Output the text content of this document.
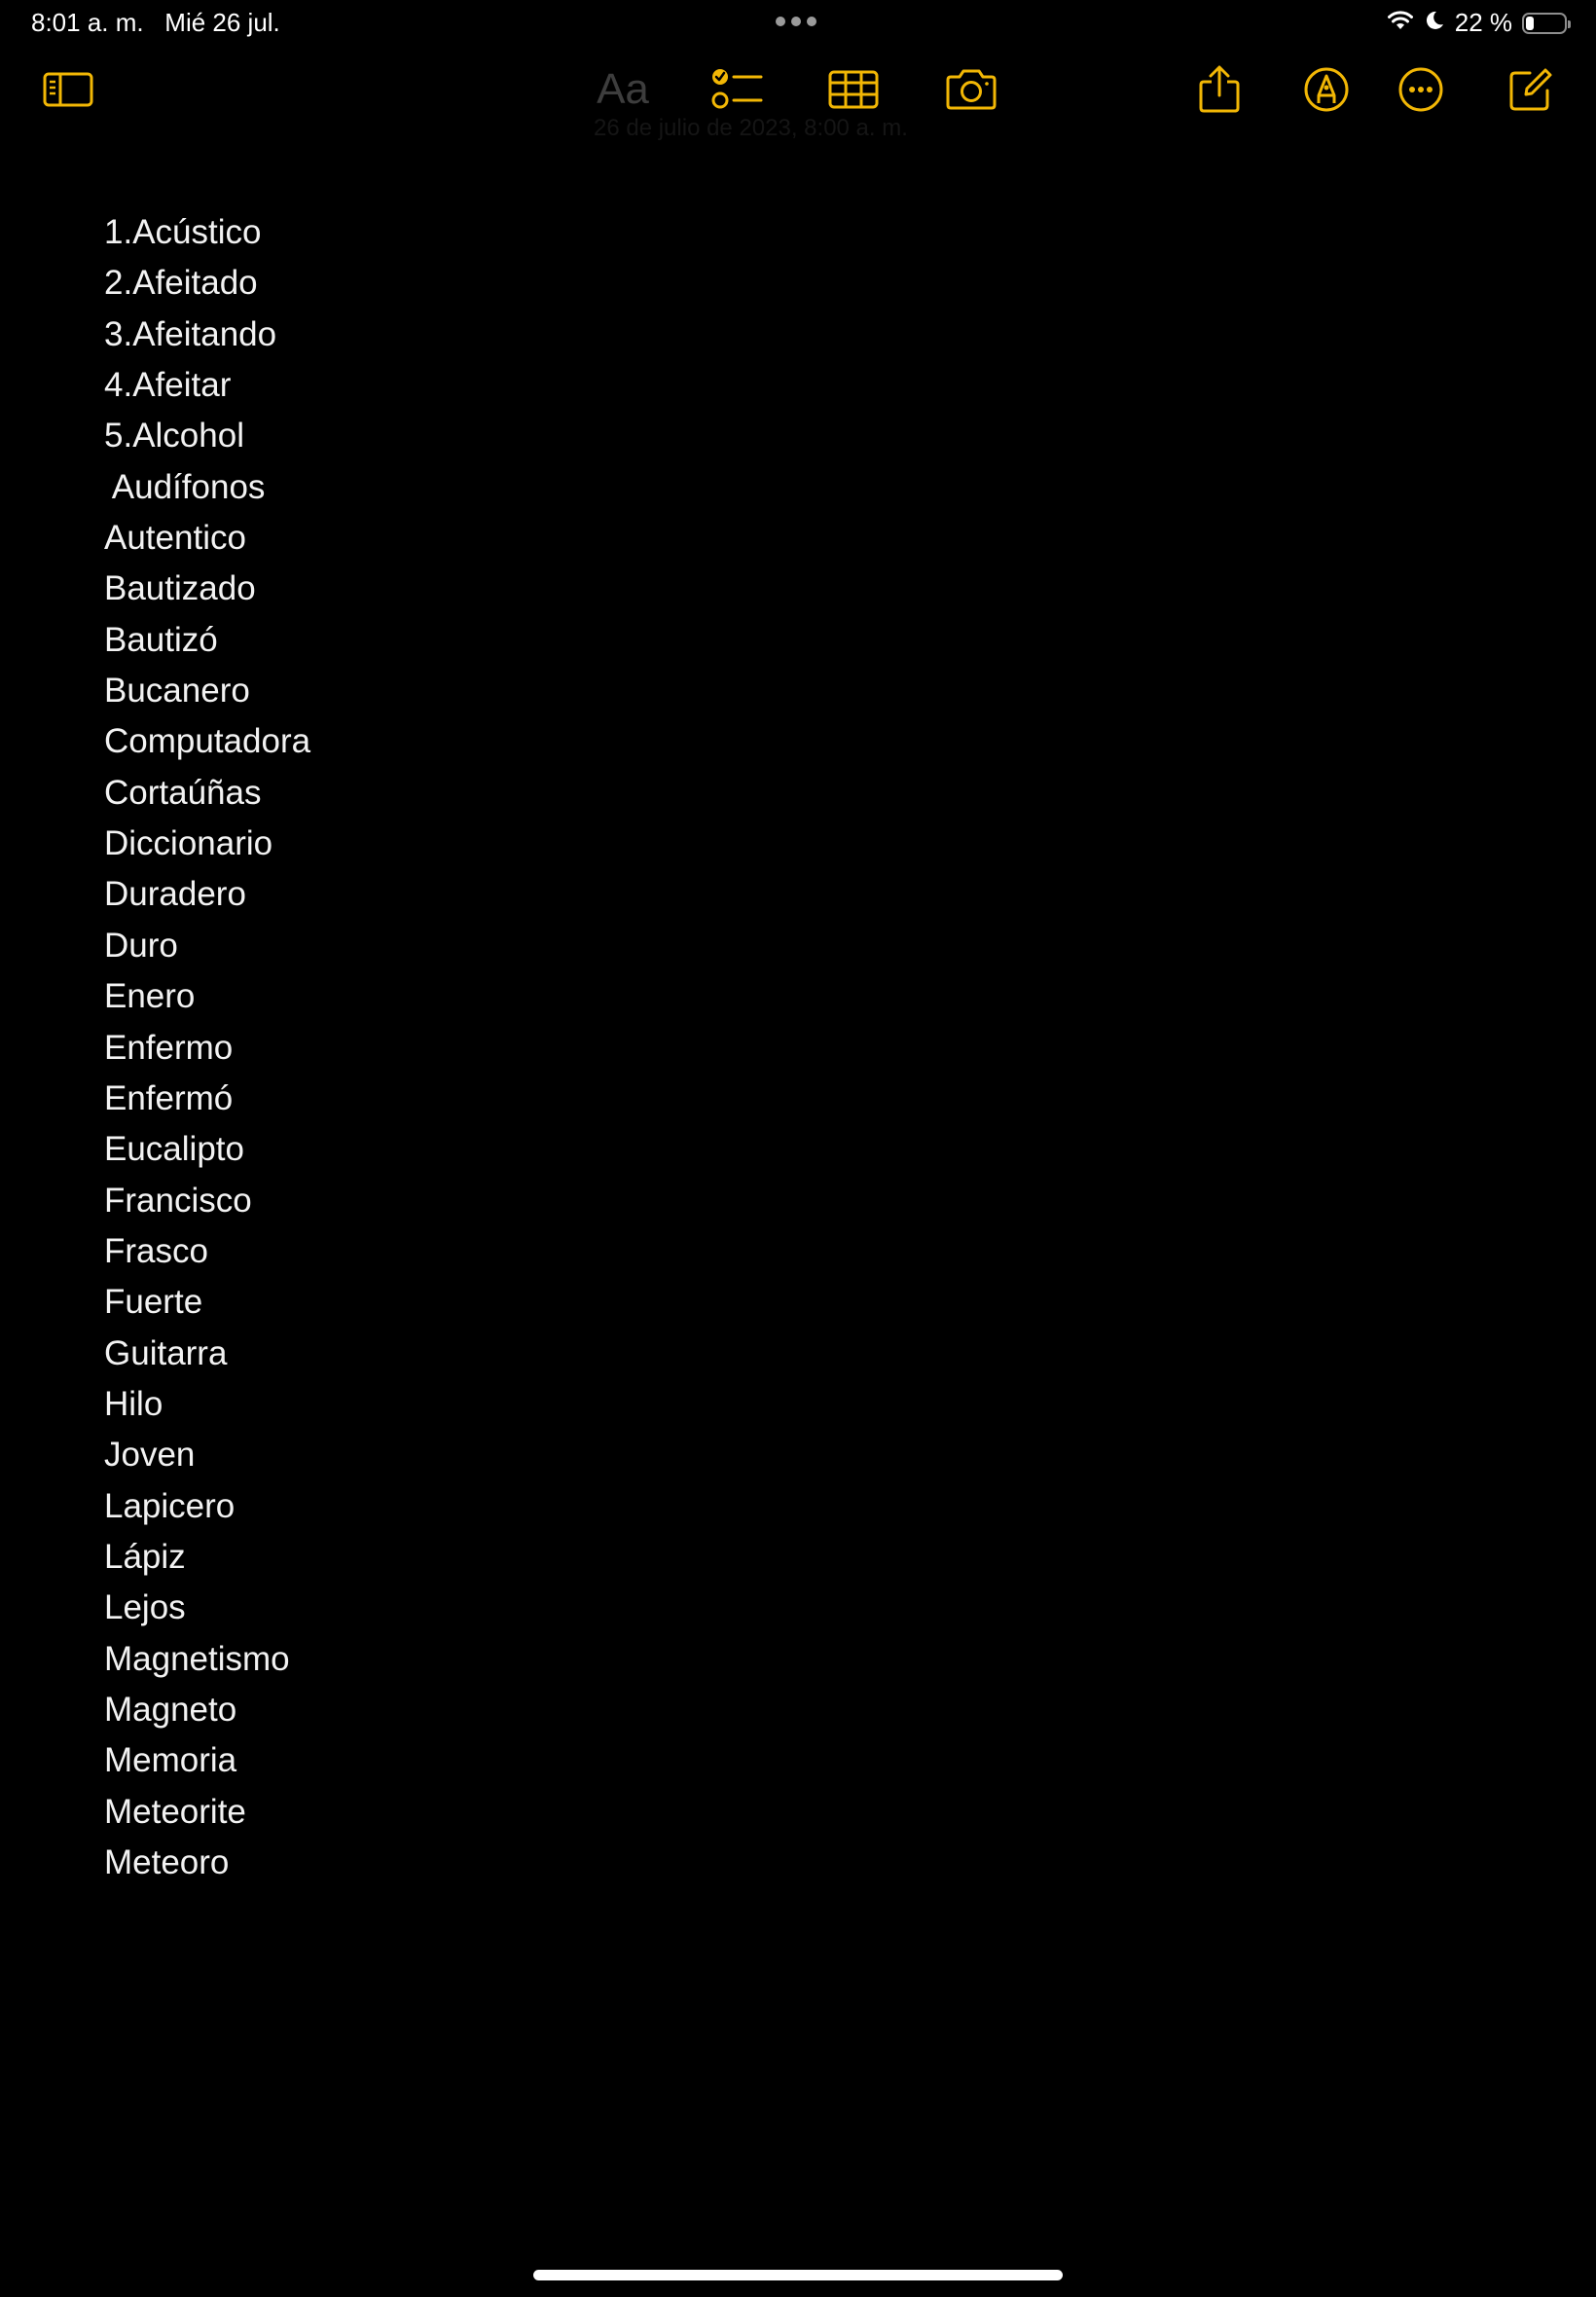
8:01 a. m.   Mié 26 jul.	22 %
Aa
26 de julio de 2023, 8:00 a. m.
1.Acústico
2.Afeitado
3.Afeitando
4.Afeitar
5.Alcohol
Audífonos
Autentico
Bautizado
Bautizó
Bucanero
Computadora
Cortaúñas
Diccionario
Duradero
Duro
Enero
Enfermo
Enfermó
Eucalipto
Francisco
Frasco
Fuerte
Guitarra
Hilo
Joven
Lapicero
Lápiz
Lejos
Magnetismo
Magneto
Memoria
Meteorite
Meteoro
